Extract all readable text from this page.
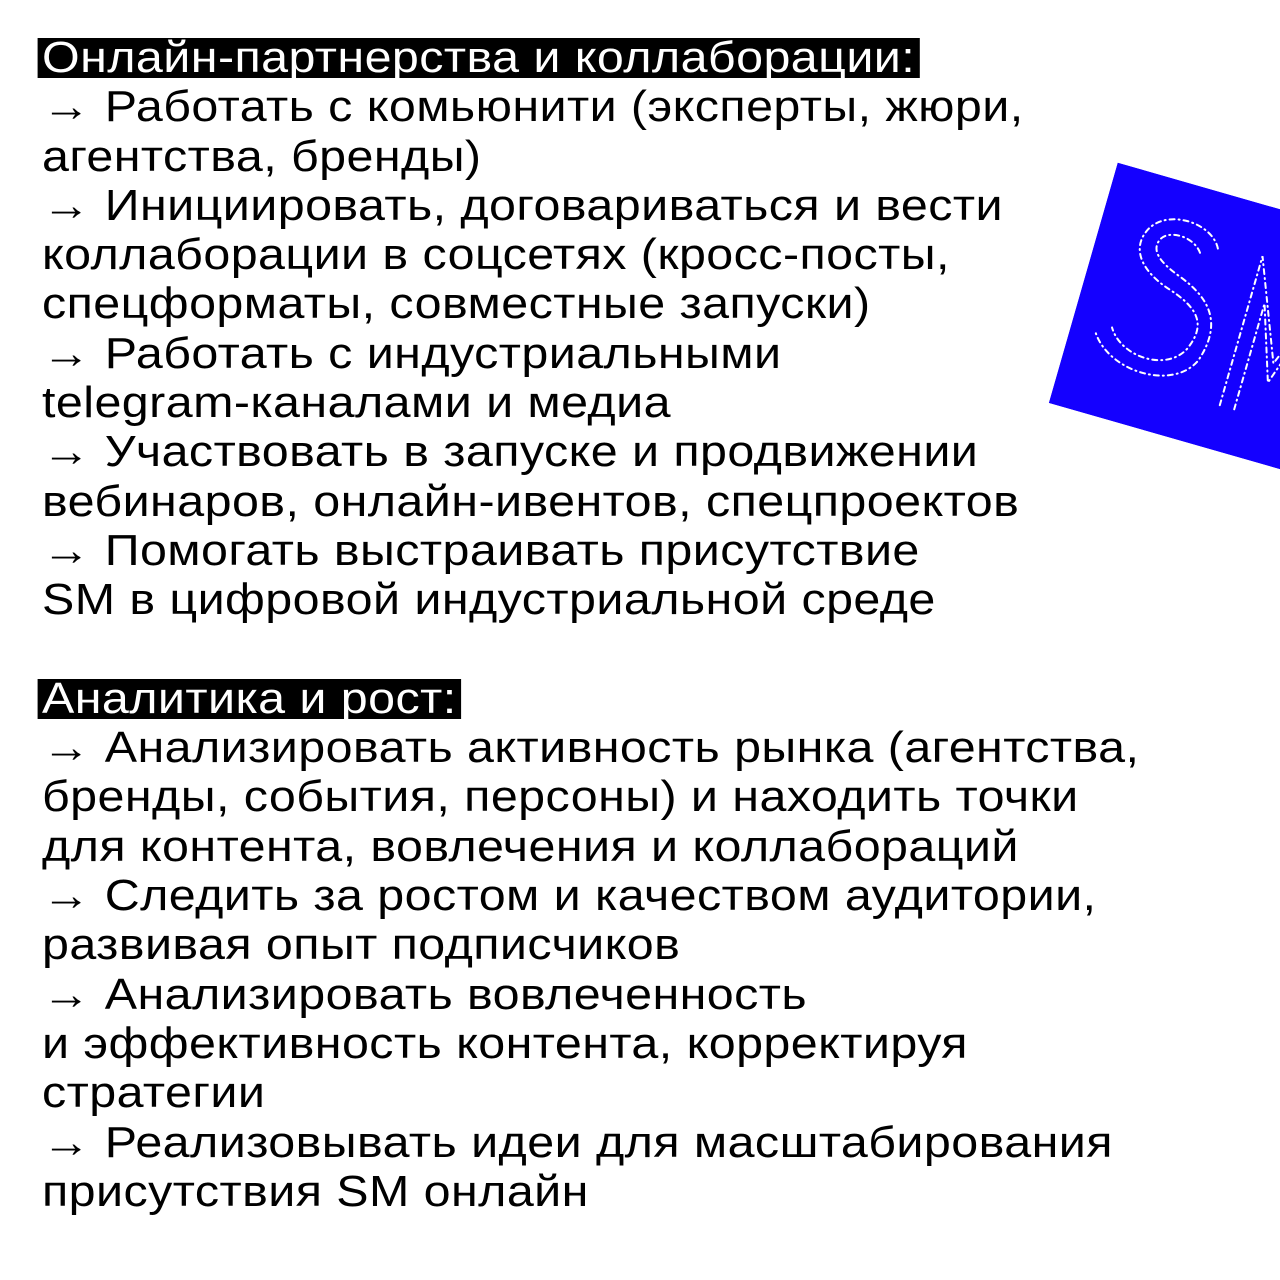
Онлайн-партнерства и коллаборации:
→ Работать с комьюнити (эксперты, жюри,
агентства, бренды)
→ Инициировать, договариваться и вести
коллаборации в соцсетях (кросс-посты,
спецформаты, совместные запуски)
→ Работать с индустриальными
telegram-каналами и медиа
→ Участвовать в запуске и продвижении
вебинаров, онлайн-ивентов, спецпроектов
→ Помогать выстраивать присутствие
SM в цифровой индустриальной среде
Аналитика и рост:
→ Анализировать активность рынка (агентства,
бренды, события, персоны) и находить точки
для контента, вовлечения и коллабораций
→ Следить за ростом и качеством аудитории,
развивая опыт подписчиков
→ Анализировать вовлеченность
и эффективность контента, корректируя
стратегии
→ Реализовывать идеи для масштабирования
присутствия SM онлайн
